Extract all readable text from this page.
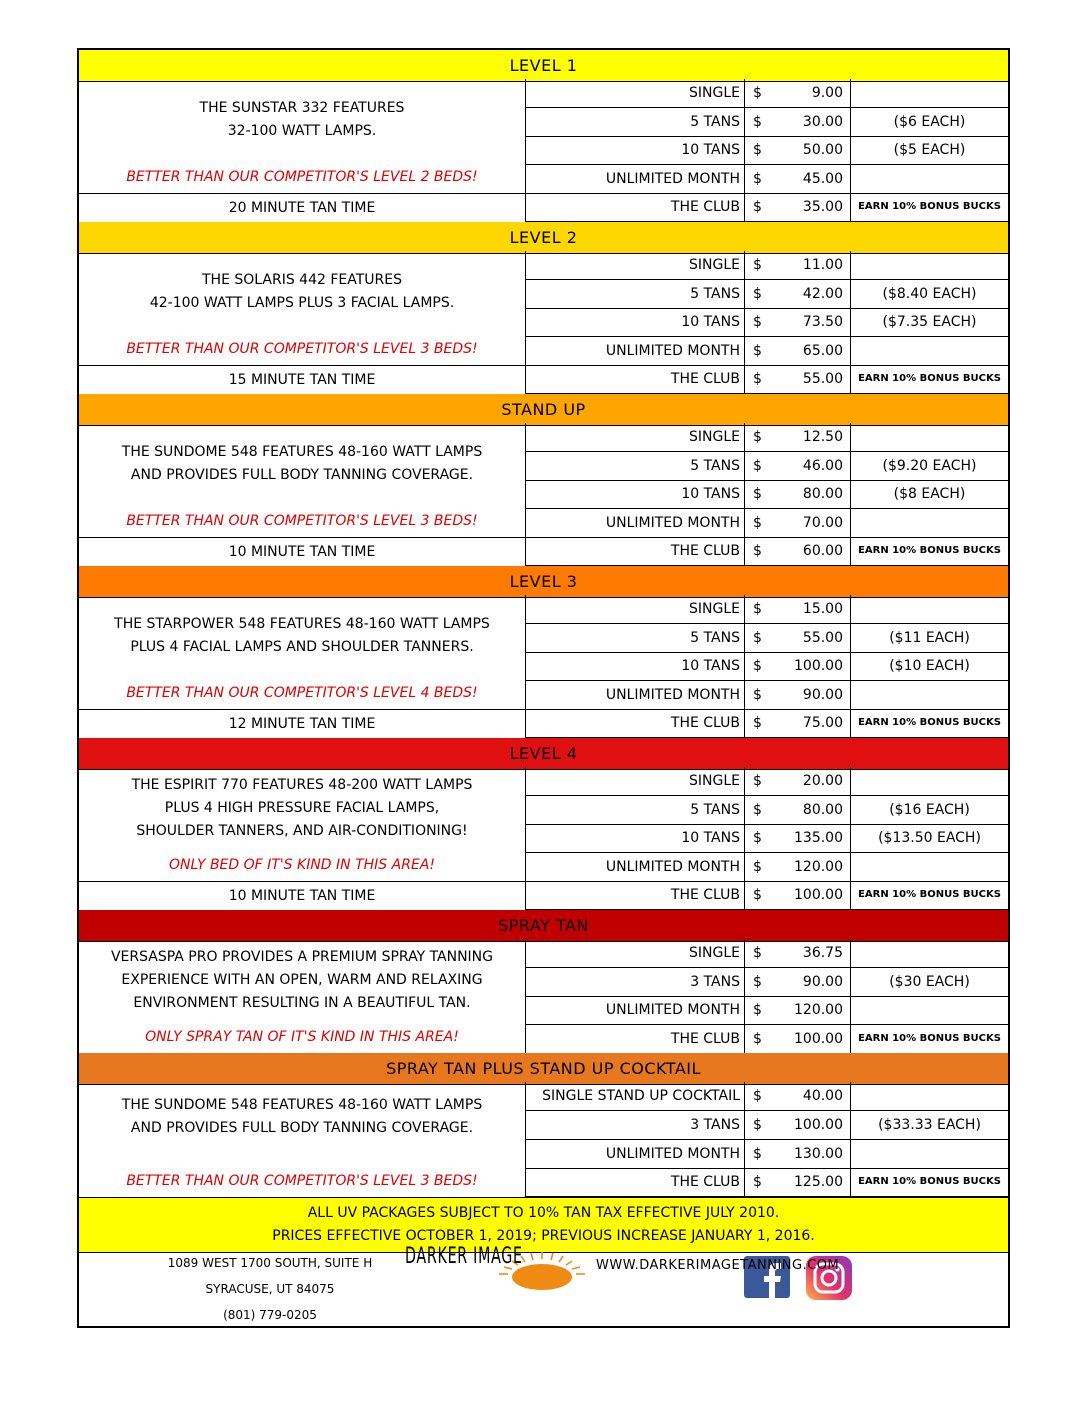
LEVEL 1
THE SUNSTAR 332 FEATURES
32-100 WATT LAMPS.
BETTER THAN OUR COMPETITOR'S LEVEL 2 BEDS!
20 MINUTE TAN TIME
SINGLE $	9.00
5 TANS $	30.00	($6 EACH)
10 TANS $	50.00	($5 EACH)
UNLIMITED MONTH $	45.00
THE CLUB $	35.00	EARN 10% BONUS BUCKS
LEVEL 2
THE SOLARIS 442 FEATURES
42-100 WATT LAMPS PLUS 3 FACIAL LAMPS.
BETTER THAN OUR COMPETITOR'S LEVEL 3 BEDS!
15 MINUTE TAN TIME
SINGLE $	11.00
5 TANS $	42.00	($8.40 EACH)
10 TANS $	73.50	($7.35 EACH)
UNLIMITED MONTH $	65.00
THE CLUB $	55.00	EARN 10% BONUS BUCKS
STAND UP
THE SUNDOME 548 FEATURES 48-160 WATT LAMPS
AND PROVIDES FULL BODY TANNING COVERAGE.
BETTER THAN OUR COMPETITOR'S LEVEL 3 BEDS!
10 MINUTE TAN TIME
SINGLE $	12.50
5 TANS $	46.00	($9.20 EACH)
10 TANS $	80.00	($8 EACH)
UNLIMITED MONTH $	70.00
THE CLUB $	60.00	EARN 10% BONUS BUCKS
LEVEL 3
THE STARPOWER 548 FEATURES 48-160 WATT LAMPS
PLUS 4 FACIAL LAMPS AND SHOULDER TANNERS.
BETTER THAN OUR COMPETITOR'S LEVEL 4 BEDS!
12 MINUTE TAN TIME
SINGLE $	15.00
5 TANS $	55.00	($11 EACH)
10 TANS $	100.00	($10 EACH)
UNLIMITED MONTH $	90.00
THE CLUB $	75.00	EARN 10% BONUS BUCKS
LEVEL 4
THE ESPIRIT 770 FEATURES 48-200 WATT LAMPS
PLUS 4 HIGH PRESSURE FACIAL LAMPS,
SHOULDER TANNERS, AND AIR-CONDITIONING!
ONLY BED OF IT'S KIND IN THIS AREA!
10 MINUTE TAN TIME
SINGLE $	20.00
5 TANS $	80.00	($16 EACH)
10 TANS $	135.00	($13.50 EACH)
UNLIMITED MONTH $	120.00
THE CLUB $	100.00	EARN 10% BONUS BUCKS
SPRAY TAN
VERSASPA PRO PROVIDES A PREMIUM SPRAY TANNING
EXPERIENCE WITH AN OPEN, WARM AND RELAXING
ENVIRONMENT RESULTING IN A BEAUTIFUL TAN.
ONLY SPRAY TAN OF IT'S KIND IN THIS AREA!
SINGLE $	36.75
3 TANS $	90.00	($30 EACH)
UNLIMITED MONTH $	120.00
THE CLUB $	100.00	EARN 10% BONUS BUCKS
SPRAY TAN PLUS STAND UP COCKTAIL
THE SUNDOME 548 FEATURES 48-160 WATT LAMPS
AND PROVIDES FULL BODY TANNING COVERAGE.
BETTER THAN OUR COMPETITOR'S LEVEL 3 BEDS!
SINGLE STAND UP COCKTAIL $	40.00
3 TANS $	100.00	($33.33 EACH)
UNLIMITED MONTH $	130.00
THE CLUB $	125.00	EARN 10% BONUS BUCKS
ALL UV PACKAGES SUBJECT TO 10% TAN TAX EFFECTIVE JULY 2010.
PRICES EFFECTIVE OCTOBER 1, 2019; PREVIOUS INCREASE JANUARY 1, 2016.
1089 WEST 1700 SOUTH, SUITE H
SYRACUSE, UT 84075
(801) 779-0205
DARKER IMAGE	WWW.DARKERIMAGETANNING.COM
